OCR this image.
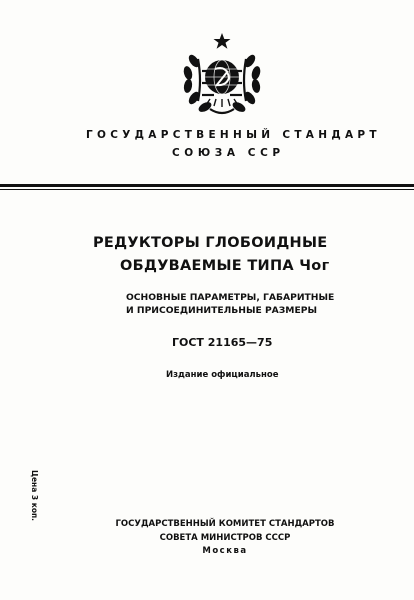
ГОСУДАРСТВЕННЫЙ СТАНДАРТ
СОЮЗА ССР
РЕДУКТОРЫ ГЛОБОИДНЫЕ
ОБДУВАЕМЫЕ ТИПА Чог
ОСНОВНЫЕ ПАРАМЕТРЫ, ГАБАРИТНЫЕ
И ПРИСОЕДИНИТЕЛЬНЫЕ РАЗМЕРЫ
ГОСТ 21165—75
Издание официальное
Цена 3 коп.
ГОСУДАРСТВЕННЫЙ КОМИТЕТ СТАНДАРТОВ
СОВЕТА МИНИСТРОВ СССР
Москва
